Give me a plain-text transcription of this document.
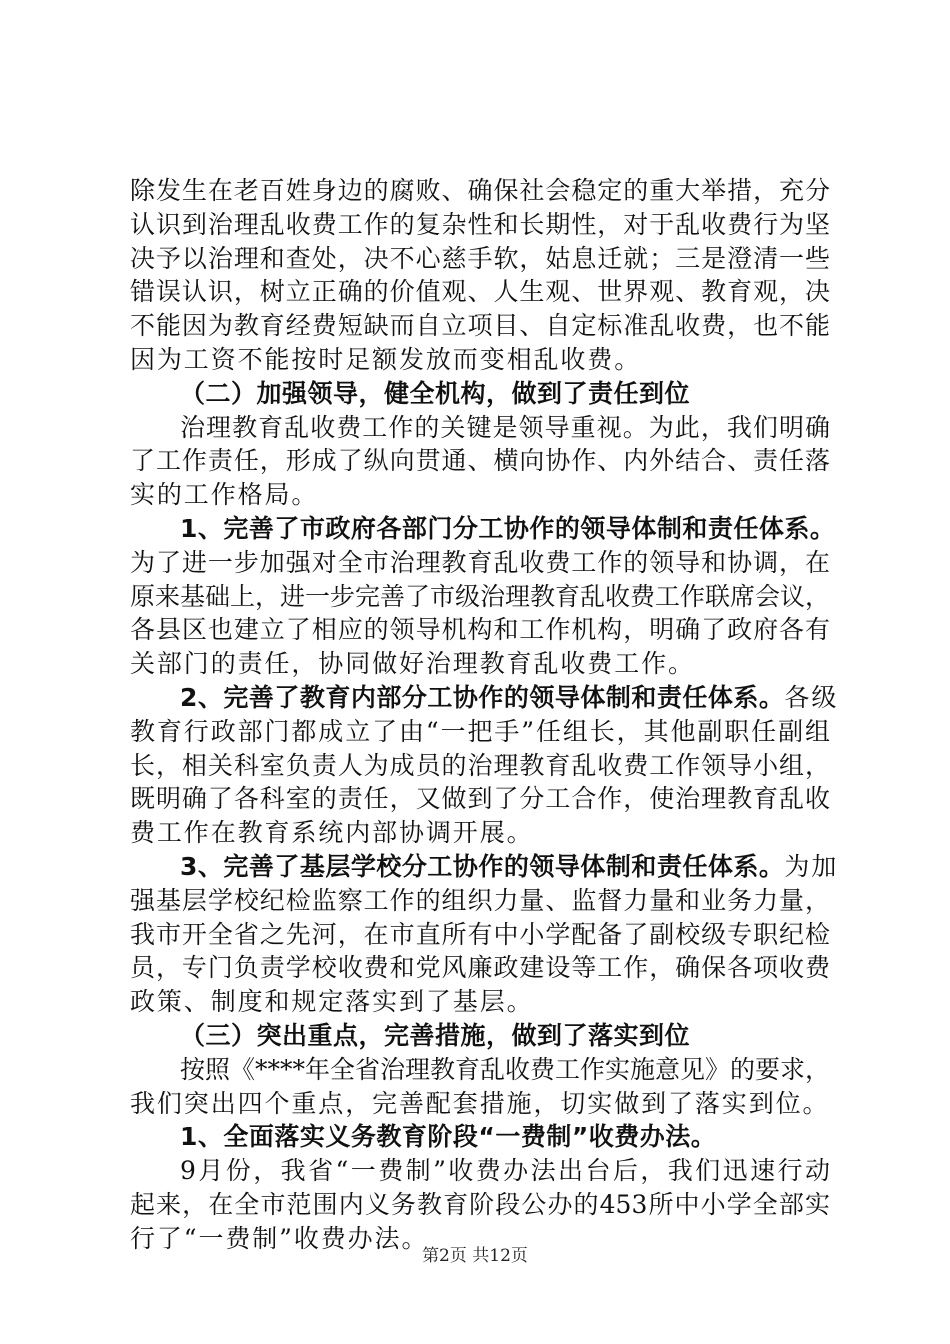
除发生在老百姓身边的腐败、确保社会稳定的重大举措，充分
认识到治理乱收费工作的复杂性和长期性，对于乱收费行为坚
决予以治理和查处，决不心慈手软，姑息迁就；三是澄清一些
错误认识，树立正确的价值观、人生观、世界观、教育观，决
不能因为教育经费短缺而自立项目、自定标准乱收费，也不能
因为工资不能按时足额发放而变相乱收费。
（二）加强领导，健全机构，做到了责任到位
治理教育乱收费工作的关键是领导重视。为此，我们明确
了工作责任，形成了纵向贯通、横向协作、内外结合、责任落
实的工作格局。
1、完善了市政府各部门分工协作的领导体制和责任体系。
为了进一步加强对全市治理教育乱收费工作的领导和协调，在
原来基础上，进一步完善了市级治理教育乱收费工作联席会议，
各县区也建立了相应的领导机构和工作机构，明确了政府各有
关部门的责任，协同做好治理教育乱收费工作。
2、完善了教育内部分工协作的领导体制和责任体系。 各级
教育行政部门都成立了由“一把手”任组长，其他副职任副组
长，相关科室负责人为成员的治理教育乱收费工作领导小组，
既明确了各科室的责任，又做到了分工合作，使治理教育乱收
费工作在教育系统内部协调开展。
3、完善了基层学校分工协作的领导体制和责任体系。 为加
强基层学校纪检监察工作的组织力量、监督力量和业务力量，
我市开全省之先河，在市直所有中小学配备了副校级专职纪检
员，专门负责学校收费和党风廉政建设等工作，确保各项收费
政策、制度和规定落实到了基层。
（三）突出重点，完善措施，做到了落实到位
按照《****年全省治理教育乱收费工作实施意见》的要求，
我们突出四个重点，完善配套措施，切实做到了落实到位。
1、全面落实义务教育阶段“一费制”收费办法。
9月份，我省“一费制”收费办法出台后，我们迅速行动
起来，在全市范围内义务教育阶段公办的453所中小学全部实
行了“一费制”收费办法。
第2页 共12页
